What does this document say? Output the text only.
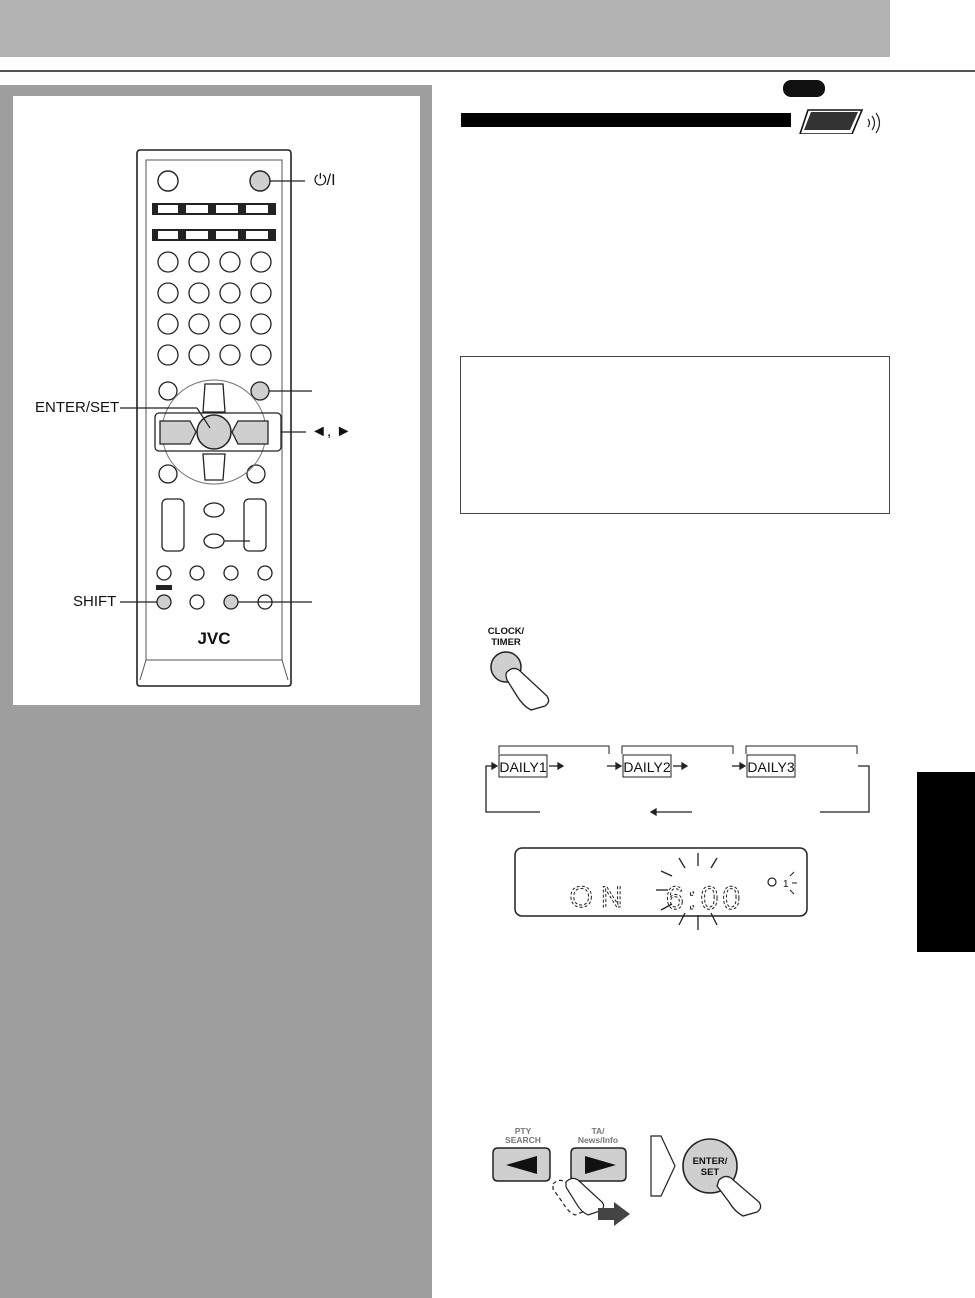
JVC
⏻/I
ENTER/SET
◄, ►
SHIFT
CLOCK/
TIMER
DAILY1	DAILY2	DAILY3
ON 6:00	1
PTY
SEARCH
TA/
News/Info
ENTER/
SET
